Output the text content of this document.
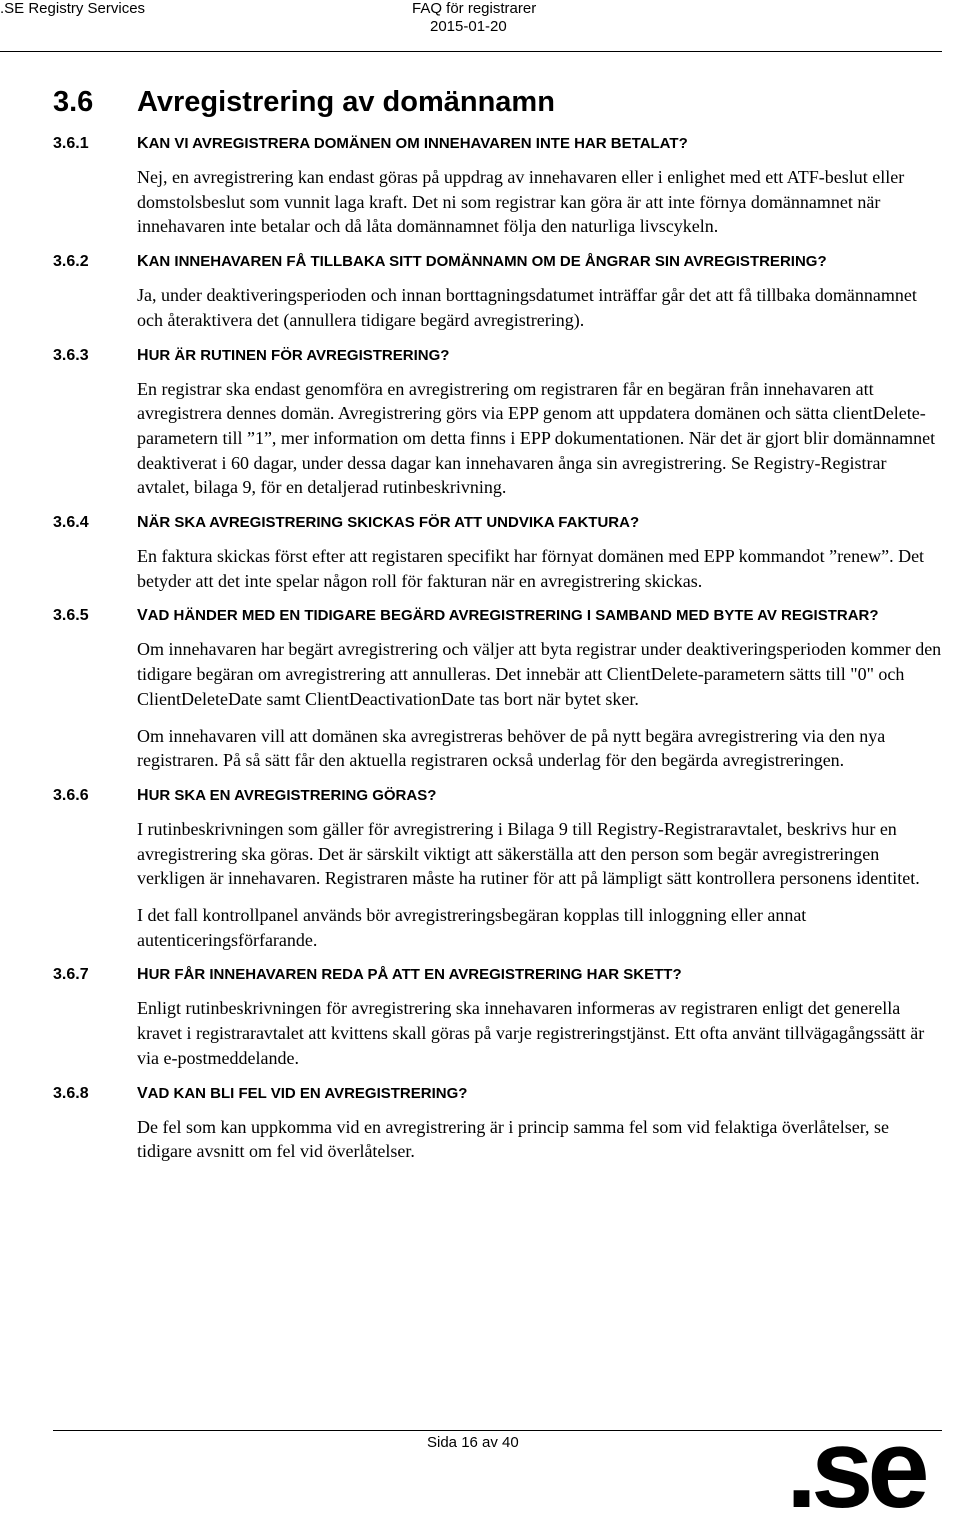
.SE Registry Services	FAQ för registrarer
2015-01-20
3.6	Avregistrering av domännamn
3.6.1	KAN VI AVREGISTRERA DOMÄNEN OM INNEHAVAREN INTE HAR BETALAT?
Nej, en avregistrering kan endast göras på uppdrag av innehavaren eller i enlighet med ett ATF-beslut eller domstolsbeslut som vunnit laga kraft. Det ni som registrar kan göra är att inte förnya domännamnet när innehavaren inte betalar och då låta domännamnet följa den naturliga livscykeln.
3.6.2	KAN INNEHAVAREN FÅ TILLBAKA SITT DOMÄNNAMN OM DE ÅNGRAR SIN AVREGISTRERING?
Ja, under deaktiveringsperioden och innan borttagningsdatumet inträffar går det att få tillbaka domännamnet och återaktivera det (annullera tidigare begärd avregistrering).
3.6.3	HUR ÄR RUTINEN FÖR AVREGISTRERING?
En registrar ska endast genomföra en avregistrering om registraren får en begäran från innehavaren att avregistrera dennes domän. Avregistrering görs via EPP genom att uppdatera domänen och sätta clientDelete-parametern till ”1”, mer information om detta finns i EPP dokumentationen. När det är gjort blir domännamnet deaktiverat i 60 dagar, under dessa dagar kan innehavaren ånga sin avregistrering. Se Registry-Registrar avtalet, bilaga 9, för en detaljerad rutinbeskrivning.
3.6.4	NÄR SKA AVREGISTRERING SKICKAS FÖR ATT UNDVIKA FAKTURA?
En faktura skickas först efter att registaren specifikt har förnyat domänen med EPP kommandot ”renew”. Det betyder att det inte spelar någon roll för fakturan när en avregistrering skickas.
3.6.5	VAD HÄNDER MED EN TIDIGARE BEGÄRD AVREGISTRERING I SAMBAND MED BYTE AV REGISTRAR?
Om innehavaren har begärt avregistrering och väljer att byta registrar under deaktiveringsperioden kommer den tidigare begäran om avregistrering att annulleras. Det innebär att ClientDelete-parametern sätts till "0" och ClientDeleteDate samt ClientDeactivationDate tas bort när bytet sker.
Om innehavaren vill att domänen ska avregistreras behöver de på nytt begära avregistrering via den nya registraren. På så sätt får den aktuella registraren också underlag för den begärda avregistreringen.
3.6.6	HUR SKA EN AVREGISTRERING GÖRAS?
I rutinbeskrivningen som gäller för avregistrering i Bilaga 9 till Registry-Registraravtalet, beskrivs hur en avregistrering ska göras. Det är särskilt viktigt att säkerställa att den person som begär avregistreringen verkligen är innehavaren. Registraren måste ha rutiner för att på lämpligt sätt kontrollera personens identitet.
I det fall kontrollpanel används bör avregistreringsbegäran kopplas till inloggning eller annat autenticeringsförfarande.
3.6.7	HUR FÅR INNEHAVAREN REDA PÅ ATT EN AVREGISTRERING HAR SKETT?
Enligt rutinbeskrivningen för avregistrering ska innehavaren informeras av registraren enligt det generella kravet i registraravtalet att kvittens skall göras på varje registreringstjänst. Ett ofta använt tillvägagångssätt är via e-postmeddelande.
3.6.8	VAD KAN BLI FEL VID EN AVREGISTRERING?
De fel som kan uppkomma vid en avregistrering är i princip samma fel som vid felaktiga överlåtelser, se tidigare avsnitt om fel vid överlåtelser.
Sida 16 av 40 .se
